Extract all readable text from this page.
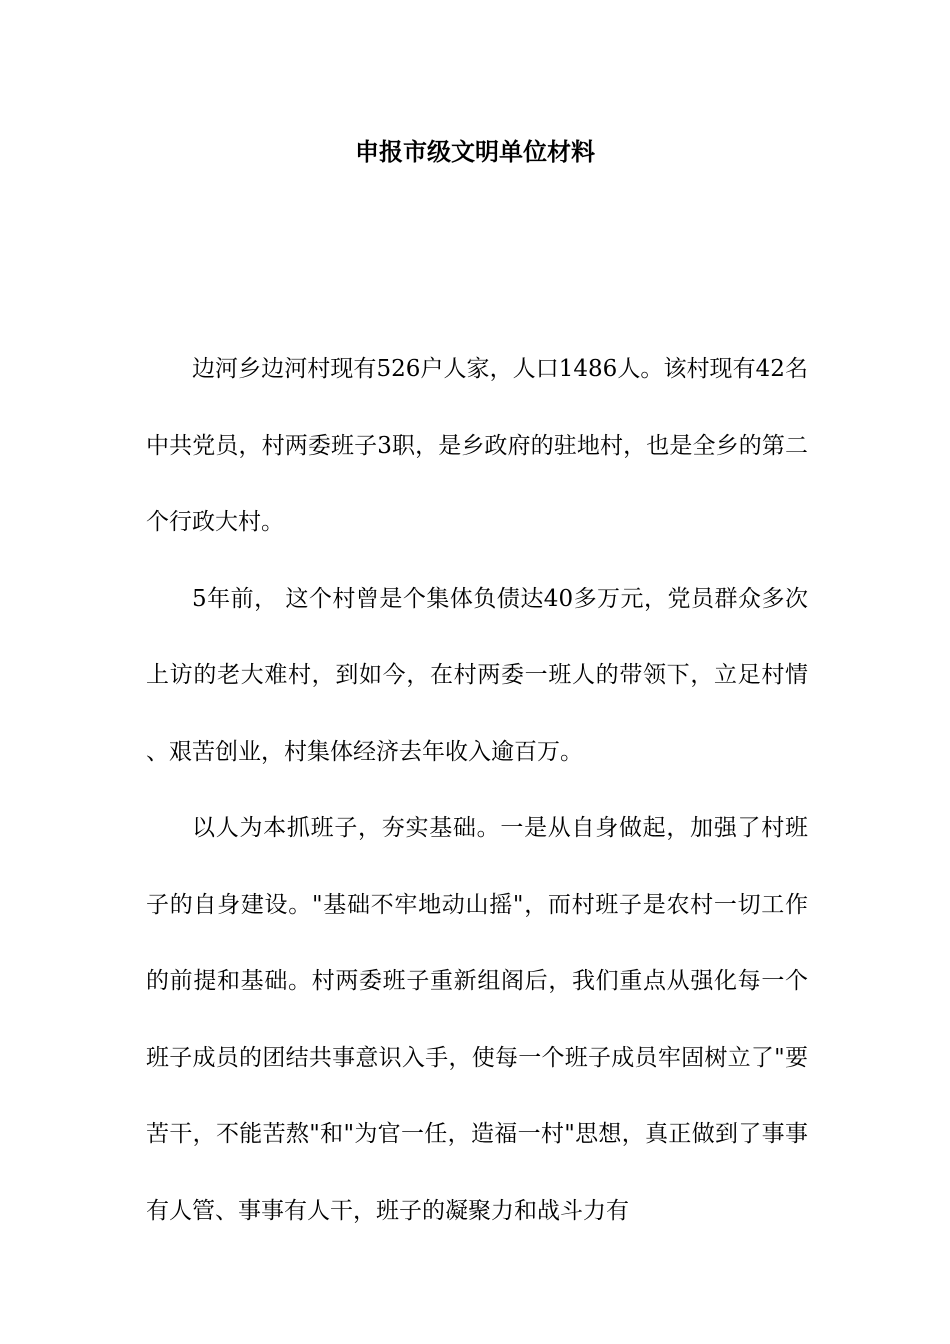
申报市级文明单位材料

边河乡边河村现有526户人家，人口1486人。该村现有42名中共党员，村两委班子3职，是乡政府的驻地村，也是全乡的第二个行政大村。

5年前， 这个村曾是个集体负债达40多万元，党员群众多次上访的老大难村，到如今，在村两委一班人的带领下，立足村情、艰苦创业，村集体经济去年收入逾百万。

以人为本抓班子，夯实基础。一是从自身做起，加强了村班子的自身建设。"基础不牢地动山摇"，而村班子是农村一切工作的前提和基础。村两委班子重新组阁后，我们重点从强化每一个班子成员的团结共事意识入手，使每一个班子成员牢固树立了"要苦干，不能苦熬"和"为官一任，造福一村"思想，真正做到了事事有人管、事事有人干，班子的凝聚力和战斗力有
